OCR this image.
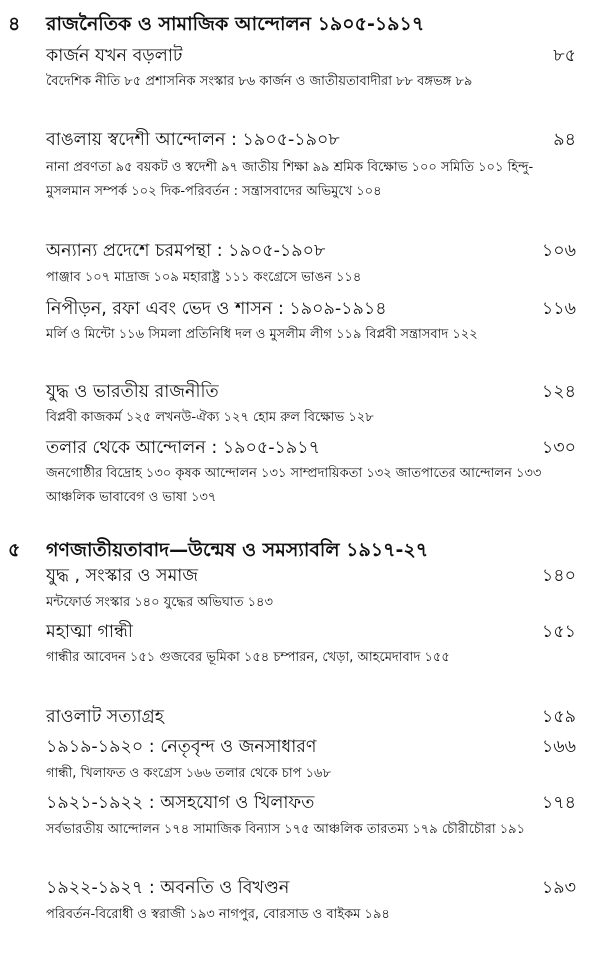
৪ রাজনৈতিক ও সামাজিক আন্দোলন ১৯০৫-১৯১৭
কার্জন যখন বড়লাট	৮৫
বৈদেশিক নীতি ৮৫ প্রশাসনিক সংস্কার ৮৬ কার্জন ও জাতীয়তাবাদীরা ৮৮ বঙ্গভঙ্গ ৮৯
বাঙলায় স্বদেশী আন্দোলন : ১৯০৫-১৯০৮	৯৪
নানা প্রবণতা ৯৫ বয়কট ও স্বদেশী ৯৭ জাতীয় শিক্ষা ৯৯ শ্রমিক বিক্ষোভ ১০০ সমিতি ১০১ হিন্দু-মুসলমান সম্পর্ক ১০২ দিক-পরিবর্তন : সন্ত্রাসবাদের অভিমুখে ১০৪
অন্যান্য প্রদেশে চরমপন্থা : ১৯০৫-১৯০৮	১০৬
পাঞ্জাব ১০৭ মাদ্রাজ ১০৯ মহারাষ্ট্র ১১১ কংগ্রেসে ভাঙন ১১৪
নিপীড়ন, রফা এবং ভেদ ও শাসন : ১৯০৯-১৯১৪	১১৬
মর্লি ও মিন্টো ১১৬ সিমলা প্রতিনিধি দল ও মুসলীম লীগ ১১৯ বিপ্লবী সন্ত্রাসবাদ ১২২
যুদ্ধ ও ভারতীয় রাজনীতি	১২৪
বিপ্লবী কাজকর্ম ১২৫ লখনউ-ঐক্য ১২৭ হোম রুল বিক্ষোভ ১২৮
তলার থেকে আন্দোলন : ১৯০৫-১৯১৭	১৩০
জনগোষ্ঠীর বিদ্রোহ ১৩০ কৃষক আন্দোলন ১৩১ সাম্প্রদায়িকতা ১৩২ জাতপাতের আন্দোলন ১৩৩ আঞ্চলিক ভাবাবেগ ও ভাষা ১৩৭
৫ গণজাতীয়তাবাদ—উন্মেষ ও সমস্যাবলি ১৯১৭-২৭
যুদ্ধ , সংস্কার ও সমাজ	১৪০
মন্টফোর্ড সংস্কার ১৪০ যুদ্ধের অভিঘাত ১৪৩
মহাত্মা গান্ধী	১৫১
গান্ধীর আবেদন ১৫১ গুজবের ভূমিকা ১৫৪ চম্পারন, খেড়া, আহমেদাবাদ ১৫৫
রাওলাট সত্যাগ্রহ	১৫৯
১৯১৯-১৯২০ : নেতৃবৃন্দ ও জনসাধারণ	১৬৬
গান্ধী, খিলাফত ও কংগ্রেস ১৬৬ তলার থেকে চাপ ১৬৮
১৯২১-১৯২২ : অসহযোগ ও খিলাফত	১৭৪
সর্বভারতীয় আন্দোলন ১৭৪ সামাজিক বিন্যাস ১৭৫ আঞ্চলিক তারতম্য ১৭৯ চৌরীচৌরা ১৯১
১৯২২-১৯২৭ : অবনতি ও বিখণ্ডন	১৯৩
পরিবর্তন-বিরোধী ও স্বরাজী ১৯৩ নাগপুর, বোরসাড ও বাইকম ১৯৪
